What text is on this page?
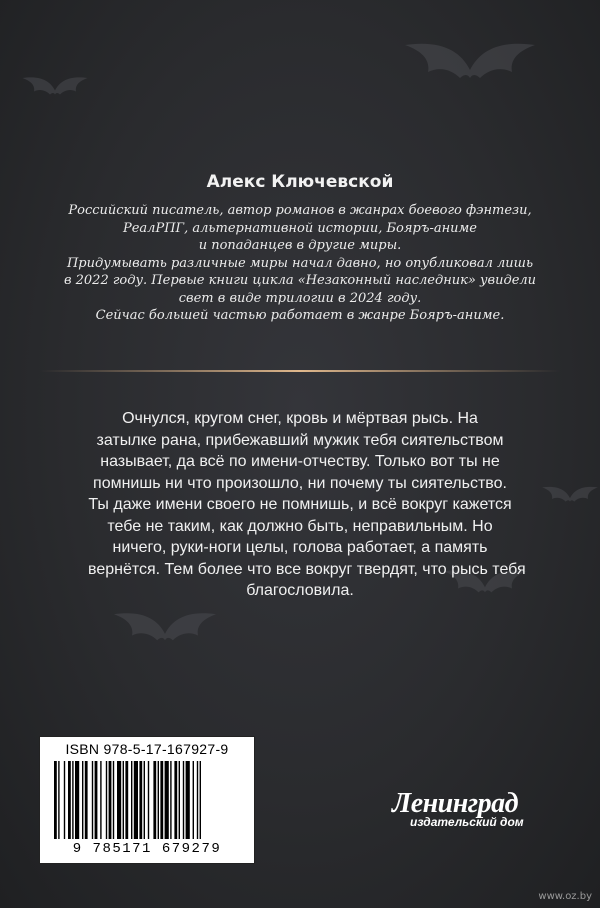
Алекс Ключевской
Российский писатель, автор романов в жанрах боевого фэнтези,
РеалРПГ, альтернативной истории, Бояръ-аниме
и попаданцев в другие миры.
Придумывать различные миры начал давно, но опубликовал лишь
в 2022 году. Первые книги цикла «Незаконный наследник» увидели
свет в виде трилогии в 2024 году.
Сейчас большей частью работает в жанре Бояръ-аниме.
Очнулся, кругом снег, кровь и мёртвая рысь. На
затылке рана, прибежавший мужик тебя сиятельством
называет, да всё по имени-отчеству. Только вот ты не
помнишь ни что произошло, ни почему ты сиятельство.
Ты даже имени своего не помнишь, и всё вокруг кажется
тебе не таким, как должно быть, неправильным. Но
ничего, руки-ноги целы, голова работает, а память
вернётся. Тем более что все вокруг твердят, что рысь тебя
благословила.
ISBN 978-5-17-167927-9
9 785171 679279
Ленинград
издательский дом
www.oz.by
